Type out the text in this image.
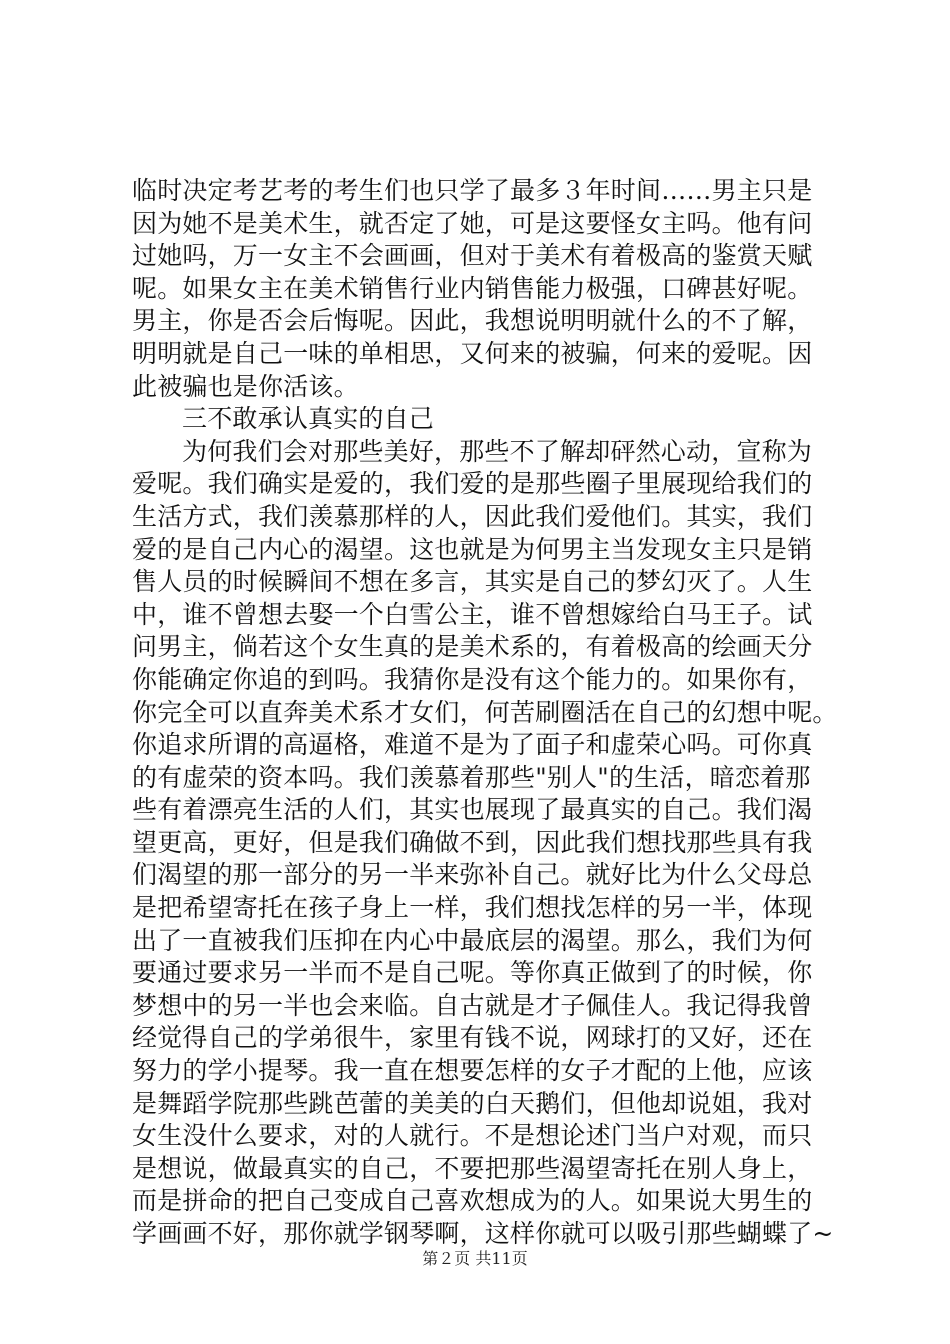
临时决定考艺考的考生们也只学了最多３年时间……男主只是
因为她不是美术生，就否定了她，可是这要怪女主吗。他有问
过她吗，万一女主不会画画，但对于美术有着极高的鉴赏天赋
呢。如果女主在美术销售行业内销售能力极强，口碑甚好呢。
男主，你是否会后悔呢。因此，我想说明明就什么的不了解，
明明就是自己一味的单相思，又何来的被骗，何来的爱呢。因
此被骗也是你活该。
三不敢承认真实的自己
为何我们会对那些美好，那些不了解却砰然心动，宣称为
爱呢。我们确实是爱的，我们爱的是那些圈子里展现给我们的
生活方式，我们羡慕那样的人，因此我们爱他们。其实，我们
爱的是自己内心的渴望。这也就是为何男主当发现女主只是销
售人员的时候瞬间不想在多言，其实是自己的梦幻灭了。人生
中，谁不曾想去娶一个白雪公主，谁不曾想嫁给白马王子。试
问男主，倘若这个女生真的是美术系的，有着极高的绘画天分
你能确定你追的到吗。我猜你是没有这个能力的。如果你有，
你完全可以直奔美术系才女们，何苦刷圈活在自己的幻想中呢。
你追求所谓的高逼格，难道不是为了面子和虚荣心吗。可你真
的有虚荣的资本吗。我们羡慕着那些"别人"的生活，暗恋着那
些有着漂亮生活的人们，其实也展现了最真实的自己。我们渴
望更高，更好，但是我们确做不到，因此我们想找那些具有我
们渴望的那一部分的另一半来弥补自己。就好比为什么父母总
是把希望寄托在孩子身上一样，我们想找怎样的另一半，体现
出了一直被我们压抑在内心中最底层的渴望。那么，我们为何
要通过要求另一半而不是自己呢。等你真正做到了的时候，你
梦想中的另一半也会来临。自古就是才子佩佳人。我记得我曾
经觉得自己的学弟很牛，家里有钱不说，网球打的又好，还在
努力的学小提琴。我一直在想要怎样的女子才配的上他，应该
是舞蹈学院那些跳芭蕾的美美的白天鹅们，但他却说姐，我对
女生没什么要求，对的人就行。不是想论述门当户对观，而只
是想说，做最真实的自己，不要把那些渴望寄托在别人身上，
而是拼命的把自己变成自己喜欢想成为的人。如果说大男生的
学画画不好，那你就学钢琴啊，这样你就可以吸引那些蝴蝶了~
第２页 共11页
